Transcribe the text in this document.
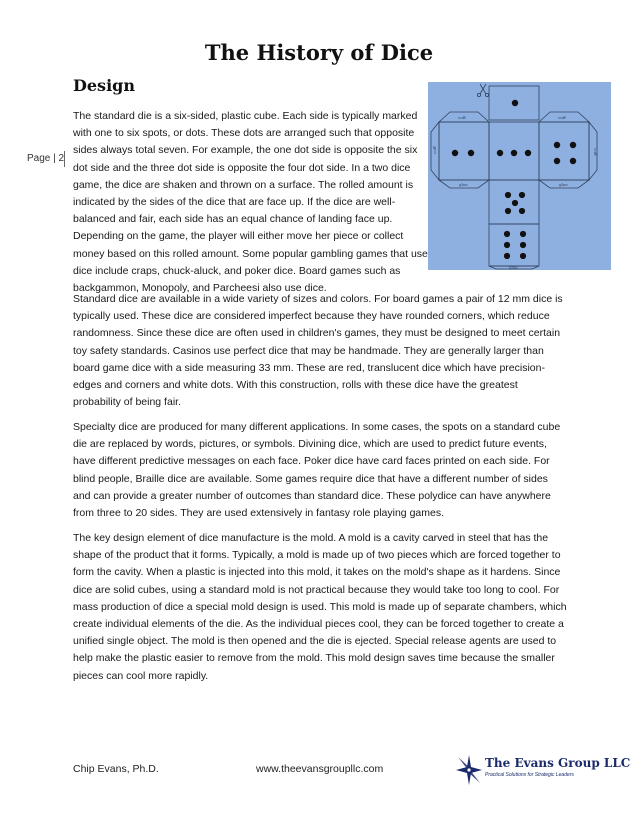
The History of Dice
Design
Page | 2

The standard die is a six-sided, plastic cube. Each side is typically marked with one to six spots, or dots. These dots are arranged such that opposite sides always total seven. For example, the one dot side is opposite the six dot side and the three dot side is opposite the four dot side. In a two dice game, the dice are shaken and thrown on a surface. The rolled amount is indicated by the sides of the dice that are face up. If the dice are well-balanced and fair, each side has an equal chance of landing face up. Depending on the game, the player will either move her piece or collect money based on this rolled amount. Some popular gambling games that use dice include craps, chuck-aluck, and poker dice. Board games such as backgammon, Monopoly, and Parcheesi also use dice.

cuff	cuff
cuff	cuff
glue	glue
glue

Standard dice are available in a wide variety of sizes and colors. For board games a pair of 12 mm dice is typically used. These dice are considered imperfect because they have rounded corners, which reduce randomness. Since these dice are often used in children's games, they must be designed to meet certain toy safety standards. Casinos use perfect dice that may be handmade. They are generally larger than board game dice with a side measuring 33 mm. These are red, translucent dice which have precision-edges and corners and white dots. With this construction, rolls with these dice have the greatest probability of being fair.

Specialty dice are produced for many different applications. In some cases, the spots on a standard cube die are replaced by words, pictures, or symbols. Divining dice, which are used to predict future events, have different predictive messages on each face. Poker dice have card faces printed on each side. For blind people, Braille dice are available. Some games require dice that have a different number of sides and can provide a greater number of outcomes than standard dice. These polydice can have anywhere from three to 20 sides. They are used extensively in fantasy role playing games.

The key design element of dice manufacture is the mold. A mold is a cavity carved in steel that has the shape of the product that it forms. Typically, a mold is made up of two pieces which are forced together to form the cavity. When a plastic is injected into this mold, it takes on the mold's shape as it hardens. Since dice are solid cubes, using a standard mold is not practical because they would take too long to cool. For mass production of dice a special mold design is used. This mold is made up of separate chambers, which create individual elements of the die. As the individual pieces cool, they can be forced together to create a unified single object. The mold is then opened and the die is ejected. Special release agents are used to help make the plastic easier to remove from the mold. This mold design saves time because the smaller pieces can cool more rapidly.

Chip Evans, Ph.D.	www.theevansgroupllc.com	The Evans Group LLC
Practical Solutions for Strategic Leaders
